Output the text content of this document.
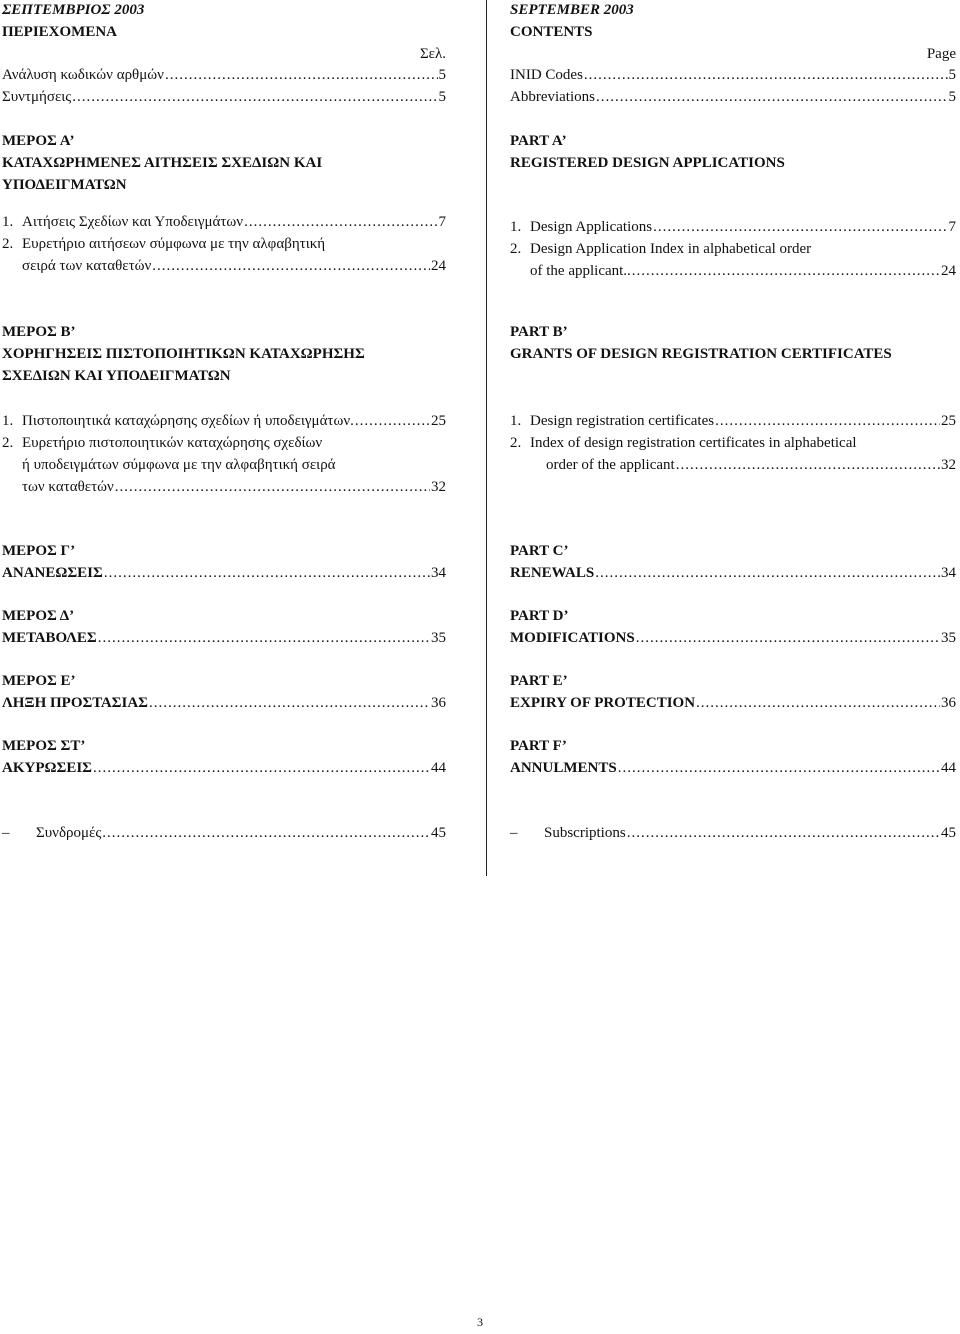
ΣΕΠΤΕΜΒΡΙΟΣ 2003
ΠΕΡΙΕΧΟΜΕΝΑ
Σελ.
Ανάλυση κωδικών αρθμών .....	5
Συντμήσεις .....	5
ΜΕΡΟΣ Α’
ΚΑΤΑΧΩΡΗΜΕΝΕΣ ΑΙΤΗΣΕΙΣ ΣΧΕΔΙΩΝ ΚΑΙ
ΥΠΟΔΕΙΓΜΑΤΩΝ
1. Αιτήσεις Σχεδίων και Υποδειγμάτων .....	7
2. Ευρετήριο αιτήσεων σύμφωνα με την αλφαβητική
σειρά των καταθετών .....	24
ΜΕΡΟΣ Β’
ΧΟΡΗΓΗΣΕΙΣ ΠΙΣΤΟΠΟΙΗΤΙΚΩΝ ΚΑΤΑΧΩΡΗΣΗΣ
ΣΧΕΔΙΩΝ ΚΑΙ ΥΠΟΔΕΙΓΜΑΤΩΝ
1. Πιστοποιητικά καταχώρησης σχεδίων ή υποδειγμάτων. .....	25
2. Ευρετήριο πιστοποιητικών καταχώρησης σχεδίων
ή υποδειγμάτων σύμφωνα με την αλφαβητική σειρά
των καταθετών .....	32
ΜΕΡΟΣ Γ’
ΑΝΑΝΕΩΣΕΙΣ .....	34
ΜΕΡΟΣ Δ’
ΜΕΤΑΒΟΛΕΣ .....	35
ΜΕΡΟΣ Ε’
ΛΗΞΗ ΠΡΟΣΤΑΣΙΑΣ .....	36
ΜΕΡΟΣ ΣΤ’
ΑΚΥΡΩΣΕΙΣ .....	44
– Συνδρομές .....	45
SEPTEMBER 2003
CONTENTS
Page
INID Codes .....	5
Abbreviations .....	5
PART A’
REGISTERED DESIGN APPLICATIONS
1. Design Applications .....	7
2. Design Application Index in alphabetical order
of the applicant.. .....	24
PART B’
GRANTS OF DESIGN REGISTRATION CERTIFICATES
1. Design registration certificates .....	25
2. Index of design registration certificates in alphabetical
order of the applicant .....	32
PART C’
RENEWALS .....	34
PART D’
MODIFICATIONS .....	35
PART E’
EXPIRY OF PROTECTION .....	36
PART F’
ANNULMENTS .....	44
– Subscriptions .....	45
3
